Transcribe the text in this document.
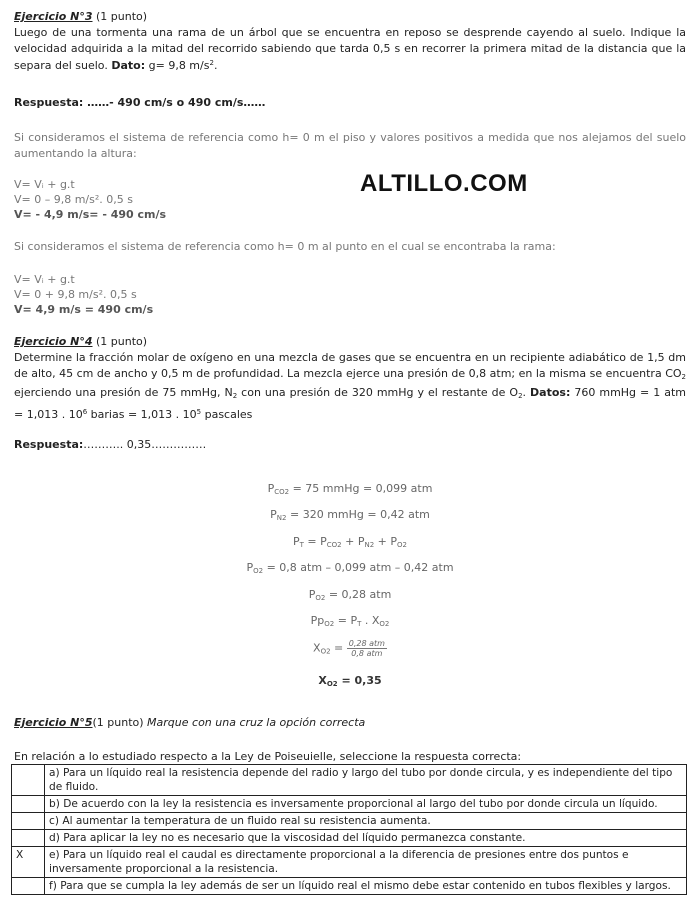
ALTILLO.COM
Ejercicio N°3 (1 punto)
Luego de una tormenta una rama de un árbol que se encuentra en reposo se desprende cayendo al suelo. Indique la velocidad adquirida a la mitad del recorrido sabiendo que tarda 0,5 s en recorrer la primera mitad de la distancia que la separa del suelo. Dato: g= 9,8 $m/s^2$.
Respuesta: ……- 490 cm/s o 490 cm/s……
Si consideramos el sistema de referencia como h= 0 m el piso y valores positivos a medida que nos alejamos del suelo aumentando la altura:
V= Vᵢ + g.t
V= 0 – 9,8 m/s². 0,5 s
V= - 4,9 m/s= - 490 cm/s
Si consideramos el sistema de referencia como h= 0 m al punto en el cual se encontraba la rama:
V= Vᵢ + g.t
V= 0 + 9,8 m/s². 0,5 s
V= 4,9 m/s = 490 cm/s
Ejercicio N°4 (1 punto)
Determine la fracción molar de oxígeno en una mezcla de gases que se encuentra en un recipiente adiabático de 1,5 dm de alto, 45 cm de ancho y 0,5 m de profundidad. La mezcla ejerce una presión de 0,8 atm; en la misma se encuentra $CO_2$ ejerciendo una presión de 75 mmHg, $N_2$ con una presión de 320 mmHg y el restante de $O_2$. Datos: 760 mmHg = 1 atm = 1,013 . $10^6$ barias = 1,013 . $10^5$ pascales
Respuesta:……….. 0,35……………
$P_{CO2} = 75$ mmHg = 0,099 atm
$P_{N2} = 320$ mmHg = 0,42 atm
$P_T = P_{CO2} + P_{N2} + P_{O2}$
$P_{O2} = 0,8$ atm – 0,099 atm – 0,42 atm
$P_{O2} = 0,28$ atm
$Pp_{O2} = P_T$ . $X_{O2}$
$X_{O2} = \frac{\text{0,28 atm}}{\text{0,8 atm}}$
$X_{O2} = 0,35$
Ejercicio N°5(1 punto) Marque con una cruz la opción correcta
En relación a lo estudiado respecto a la Ley de Poiseuielle, seleccione la respuesta correcta:
	a) Para un líquido real la resistencia depende del radio y largo del tubo por donde circula, y es independiente del tipo de fluido.
	b) De acuerdo con la ley la resistencia es inversamente proporcional al largo del tubo por donde circula un líquido.
	c) Al aumentar la temperatura de un fluido real su resistencia aumenta.
	d) Para aplicar la ley no es necesario que la viscosidad del líquido permanezca constante.
X	e) Para un líquido real el caudal es directamente proporcional a la diferencia de presiones entre dos puntos e inversamente proporcional a la resistencia.
	f) Para que se cumpla la ley además de ser un líquido real el mismo debe estar contenido en tubos flexibles y largos.
